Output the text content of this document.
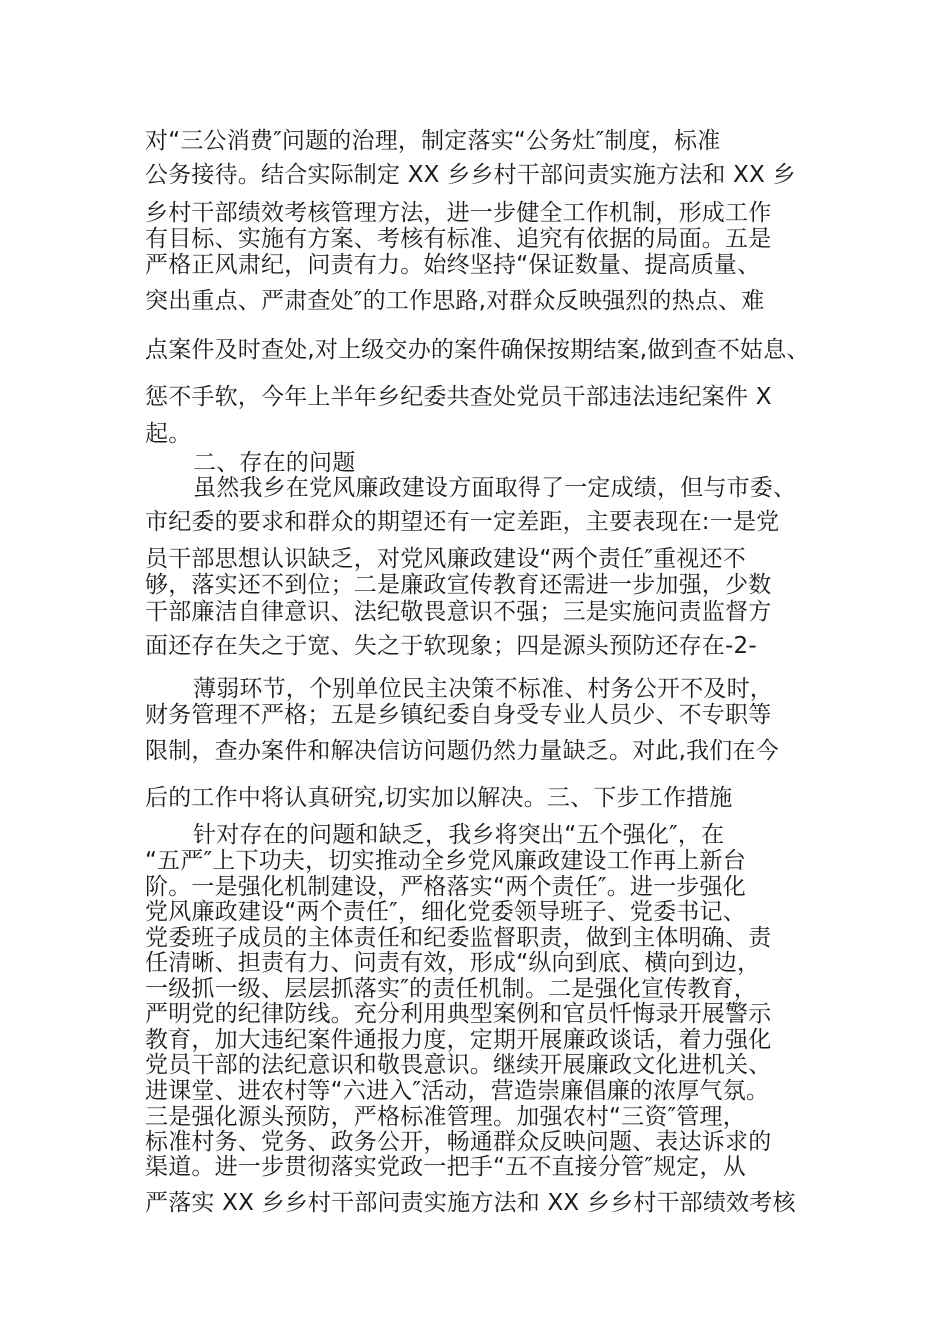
对“三公消费″问题的治理，制定落实“公务灶″制度，标准
公务接待。结合实际制定 XX 乡乡村干部问责实施方法和 XX 乡
乡村干部绩效考核管理方法，进一步健全工作机制，形成工作
有目标、实施有方案、考核有标准、追究有依据的局面。五是
严格正风肃纪，问责有力。始终坚持“保证数量、提高质量、
突出重点、严肃查处″的工作思路,对群众反映强烈的热点、难
点案件及时查处,对上级交办的案件确保按期结案,做到查不姑息、
惩不手软，今年上半年乡纪委共查处党员干部违法违纪案件 X
起。
二、存在的问题
虽然我乡在党风廉政建设方面取得了一定成绩，但与市委、
市纪委的要求和群众的期望还有一定差距，主要表现在:一是党
员干部思想认识缺乏，对党风廉政建设“两个责任″重视还不
够，落实还不到位；二是廉政宣传教育还需进一步加强，少数
干部廉洁自律意识、法纪敬畏意识不强；三是实施问责监督方
面还存在失之于宽、失之于软现象；四是源头预防还存在-2-
薄弱环节，个别单位民主决策不标准、村务公开不及时，
财务管理不严格；五是乡镇纪委自身受专业人员少、不专职等
限制，查办案件和解决信访问题仍然力量缺乏。对此,我们在今
后的工作中将认真研究,切实加以解决。三、下步工作措施
针对存在的问题和缺乏，我乡将突出“五个强化″，在
“五严″上下功夫，切实推动全乡党风廉政建设工作再上新台
阶。一是强化机制建设，严格落实“两个责任″。进一步强化
党风廉政建设“两个责任″，细化党委领导班子、党委书记、
党委班子成员的主体责任和纪委监督职责，做到主体明确、责
任清晰、担责有力、问责有效，形成“纵向到底、横向到边，
一级抓一级、层层抓落实″的责任机制。二是强化宣传教育，
严明党的纪律防线。充分利用典型案例和官员忏悔录开展警示
教育，加大违纪案件通报力度，定期开展廉政谈话，着力强化
党员干部的法纪意识和敬畏意识。继续开展廉政文化进机关、
进课堂、进农村等“六进入″活动，营造崇廉倡廉的浓厚气氛。
三是强化源头预防，严格标准管理。加强农村“三资″管理，
标准村务、党务、政务公开，畅通群众反映问题、表达诉求的
渠道。进一步贯彻落实党政一把手“五不直接分管″规定，从
严落实 XX 乡乡村干部问责实施方法和 XX 乡乡村干部绩效考核
